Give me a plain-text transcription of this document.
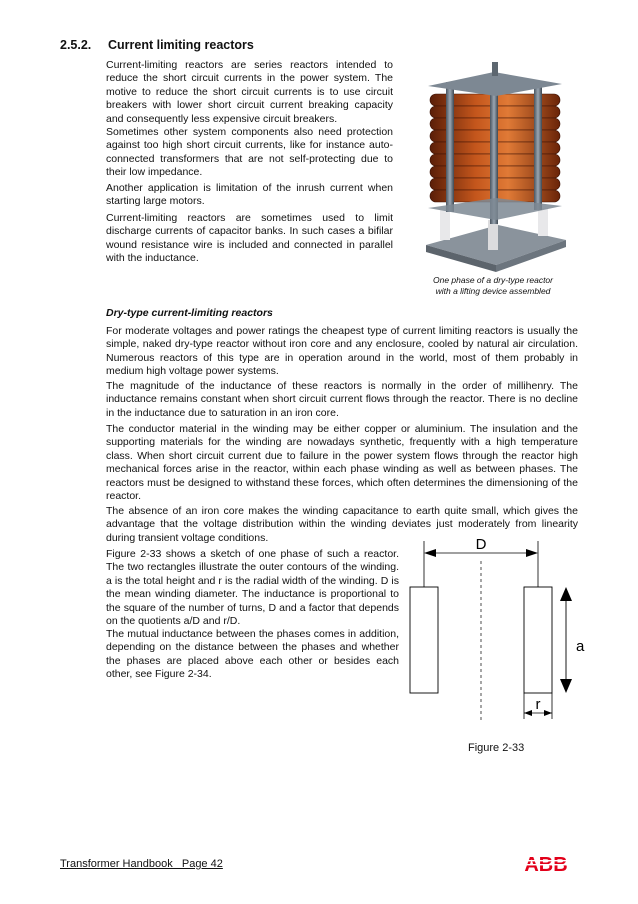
2.5.2. Current limiting reactors

Current-limiting reactors are series reactors intended to reduce the short circuit currents in the power system. The motive to reduce the short circuit currents is to use circuit breakers with lower short circuit current breaking capacity and consequently less expensive circuit breakers.

Sometimes other system components also need protection against too high short circuit currents, like for instance auto-connected transformers that are not self-protecting due to their low impedance.

Another application is limitation of the inrush current when starting large motors.

Current-limiting reactors are sometimes used to limit discharge currents of capacitor banks. In such cases a bifilar wound resistance wire is included and connected in parallel with the inductance.

One phase of a dry-type reactor
with a lifting device assembled
Dry-type current-limiting reactors

For moderate voltages and power ratings the cheapest type of current limiting reactors is usually the simple, naked dry-type reactor without iron core and any enclosure, cooled by natural air circulation. Numerous reactors of this type are in operation around in the world, most of them probably in medium high voltage power systems.

The magnitude of the inductance of these reactors is normally in the order of millihenry. The inductance remains constant when short circuit current flows through the reactor. There is no decline in the inductance due to saturation in an iron core.

The conductor material in the winding may be either copper or aluminium. The insulation and the supporting materials for the winding are nowadays synthetic, frequently with a high temperature class. When short circuit current due to failure in the power system flows through the reactor high mechanical forces arise in the reactor, within each phase winding as well as between phases. The reactors must be designed to withstand these forces, which often determines the dimensioning of the reactor.

The absence of an iron core makes the winding capacitance to earth quite small, which gives the advantage that the voltage distribution within the winding deviates just moderately from linearity during transient voltage conditions.

Figure 2-33 shows a sketch of one phase of such a reactor. The two rectangles illustrate the outer contours of the winding. a is the total height and r is the radial width of the winding. D is the mean winding diameter. The inductance is proportional to the square of the number of turns, D and a factor that depends on the quotients a/D and r/D.

The mutual inductance between the phases comes in addition, depending on the distance between the phases and whether the phases are placed above each other or besides each other, see Figure 2-34.

D
a
r
Figure 2-33
Transformer Handbook   Page 42
